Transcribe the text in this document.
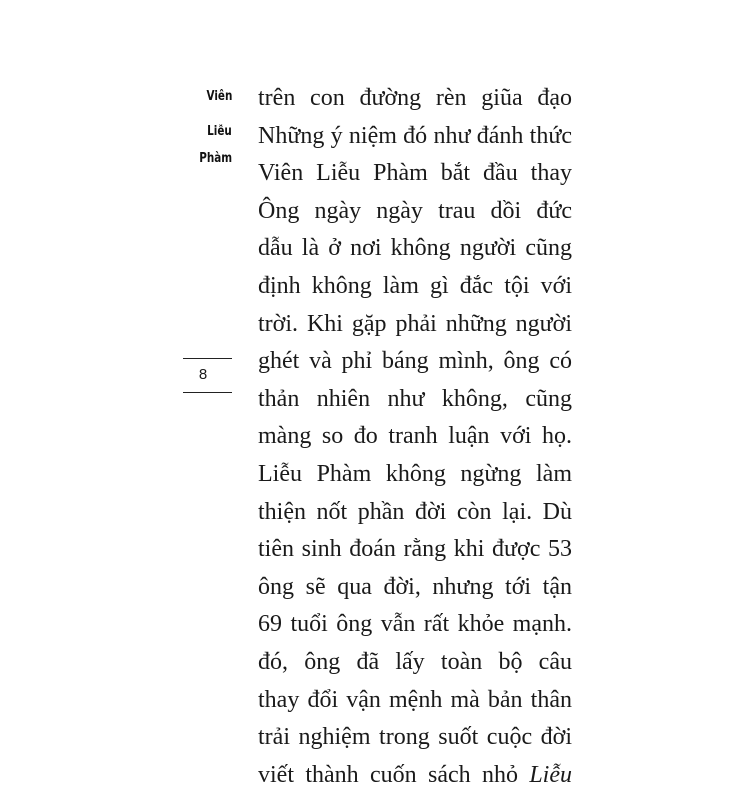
Viên
Liễu
Phàm
8
trên con đường rèn giũa đạo
Những ý niệm đó như đánh thức
Viên Liễu Phàm bắt đầu thay
Ông ngày ngày trau dồi đức
dẫu là ở nơi không người cũng
định không làm gì đắc tội với
trời. Khi gặp phải những người
ghét và phỉ báng mình, ông có
thản nhiên như không, cũng
màng so đo tranh luận với họ.
Liễu Phàm không ngừng làm
thiện nốt phần đời còn lại. Dù
tiên sinh đoán rằng khi được 53
ông sẽ qua đời, nhưng tới tận
69 tuổi ông vẫn rất khỏe mạnh.
đó, ông đã lấy toàn bộ câu
thay đổi vận mệnh mà bản thân
trải nghiệm trong suốt cuộc đời
viết thành cuốn sách nhỏ Liễu
